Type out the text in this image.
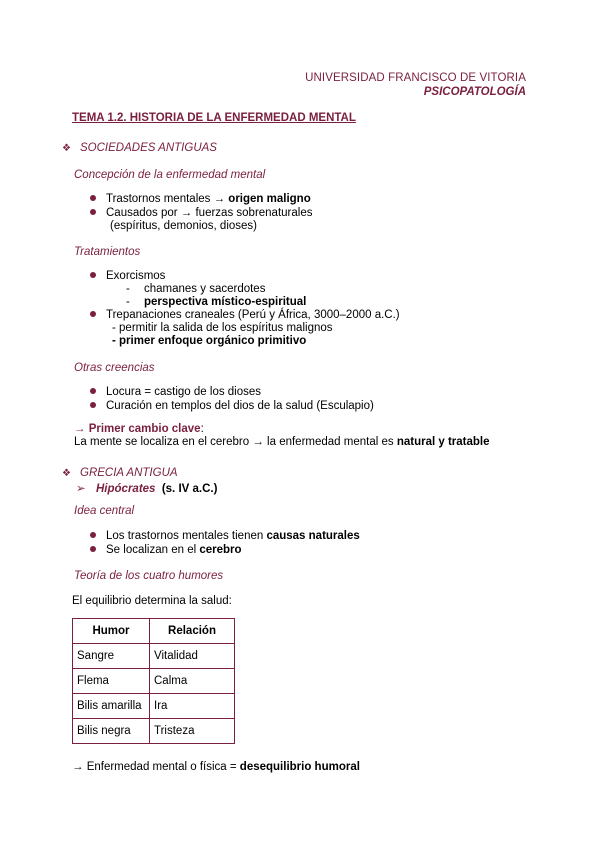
UNIVERSIDAD FRANCISCO DE VITORIA
PSICOPATOLOGÍA
TEMA 1.2. HISTORIA DE LA ENFERMEDAD MENTAL
❖ SOCIEDADES ANTIGUAS
Concepción de la enfermedad mental
Trastornos mentales → origen maligno
Causados por → fuerzas sobrenaturales
(espíritus, demonios, dioses)
Tratamientos
Exorcismos
- chamanes y sacerdotes
- perspectiva místico-espiritual
Trepanaciones craneales (Perú y África, 3000–2000 a.C.)
- permitir la salida de los espíritus malignos
- primer enfoque orgánico primitivo
Otras creencias
Locura = castigo de los dioses
Curación en templos del dios de la salud (Esculapio)
→ Primer cambio clave:
La mente se localiza en el cerebro → la enfermedad mental es natural y tratable
❖ GRECIA ANTIGUA
➢ Hipócrates (s. IV a.C.)
Idea central
Los trastornos mentales tienen causas naturales
Se localizan en el cerebro
Teoría de los cuatro humores
El equilibrio determina la salud:
Humor	Relación
Sangre	Vitalidad
Flema	Calma
Bilis amarilla	Ira
Bilis negra	Tristeza
→ Enfermedad mental o física = desequilibrio humoral
